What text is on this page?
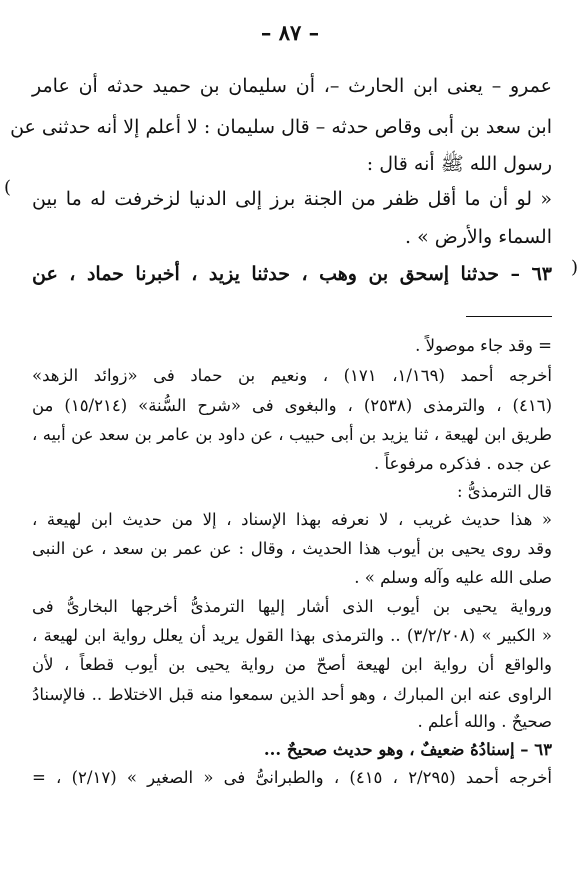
– ٨٧ –
(
)
عمرو – يعنى ابن الحارث –، أن سليمان بن حميد حدثه أن عامر
ابن سعد بن أبى وقاص حدثه – قال سليمان : لا أعلم إلا أنه حدثنى عن
رسول الله ﷺ أنه قال :
« لو أن ما أقل ظفر من الجنة برز إلى الدنيا لزخرفت له ما بين
السماء والأرض » .
٦٣ – حدثنا إسحق بن وهب ، حدثنا يزيد ، أخبرنا حماد ، عن
= وقد جاء موصولاً .
أخرجه أحمد (١/١٦٩، ١٧١) ، ونعيم بن حماد فى «زوائد الزهد»
(٤١٦) ، والترمذى (٢٥٣٨) ، والبغوى فى «شرح السُّنة» (١٥/٢١٤) من
طريق ابن لهيعة ، ثنا يزيد بن أبى حبيب ، عن داود بن عامر بن سعد عن أبيه ،
عن جده . فذكره مرفوعاً .
قال الترمذىُّ :
« هذا حديث غريب ، لا نعرفه بهذا الإسناد ، إلا من حديث ابن لهيعة ،
وقد روى يحيى بن أيوب هذا الحديث ، وقال : عن عمر بن سعد ، عن النبى
صلى الله عليه وآله وسلم » .
ورواية يحيى بن أيوب الذى أشار إليها الترمذىُّ أخرجها البخارىُّ فى
« الكبير » (٣/٢/٢٠٨) .. والترمذى بهذا القول يريد أن يعلل رواية ابن لهيعة ،
والواقع أن رواية ابن لهيعة أصحّ من رواية يحيى بن أيوب قطعاً ، لأن
الراوى عنه ابن المبارك ، وهو أحد الذين سمعوا منه قبل الاختلاط .. فالإسنادُ
صحيحٌ . والله أعلم .
٦٣ – إسنادُهُ ضعيفٌ ، وهو حديث صحيحٌ ...
أخرجه أحمد (٢/٢٩٥ ، ٤١٥) ، والطبرانىُّ فى « الصغير » (٢/١٧) ، =
